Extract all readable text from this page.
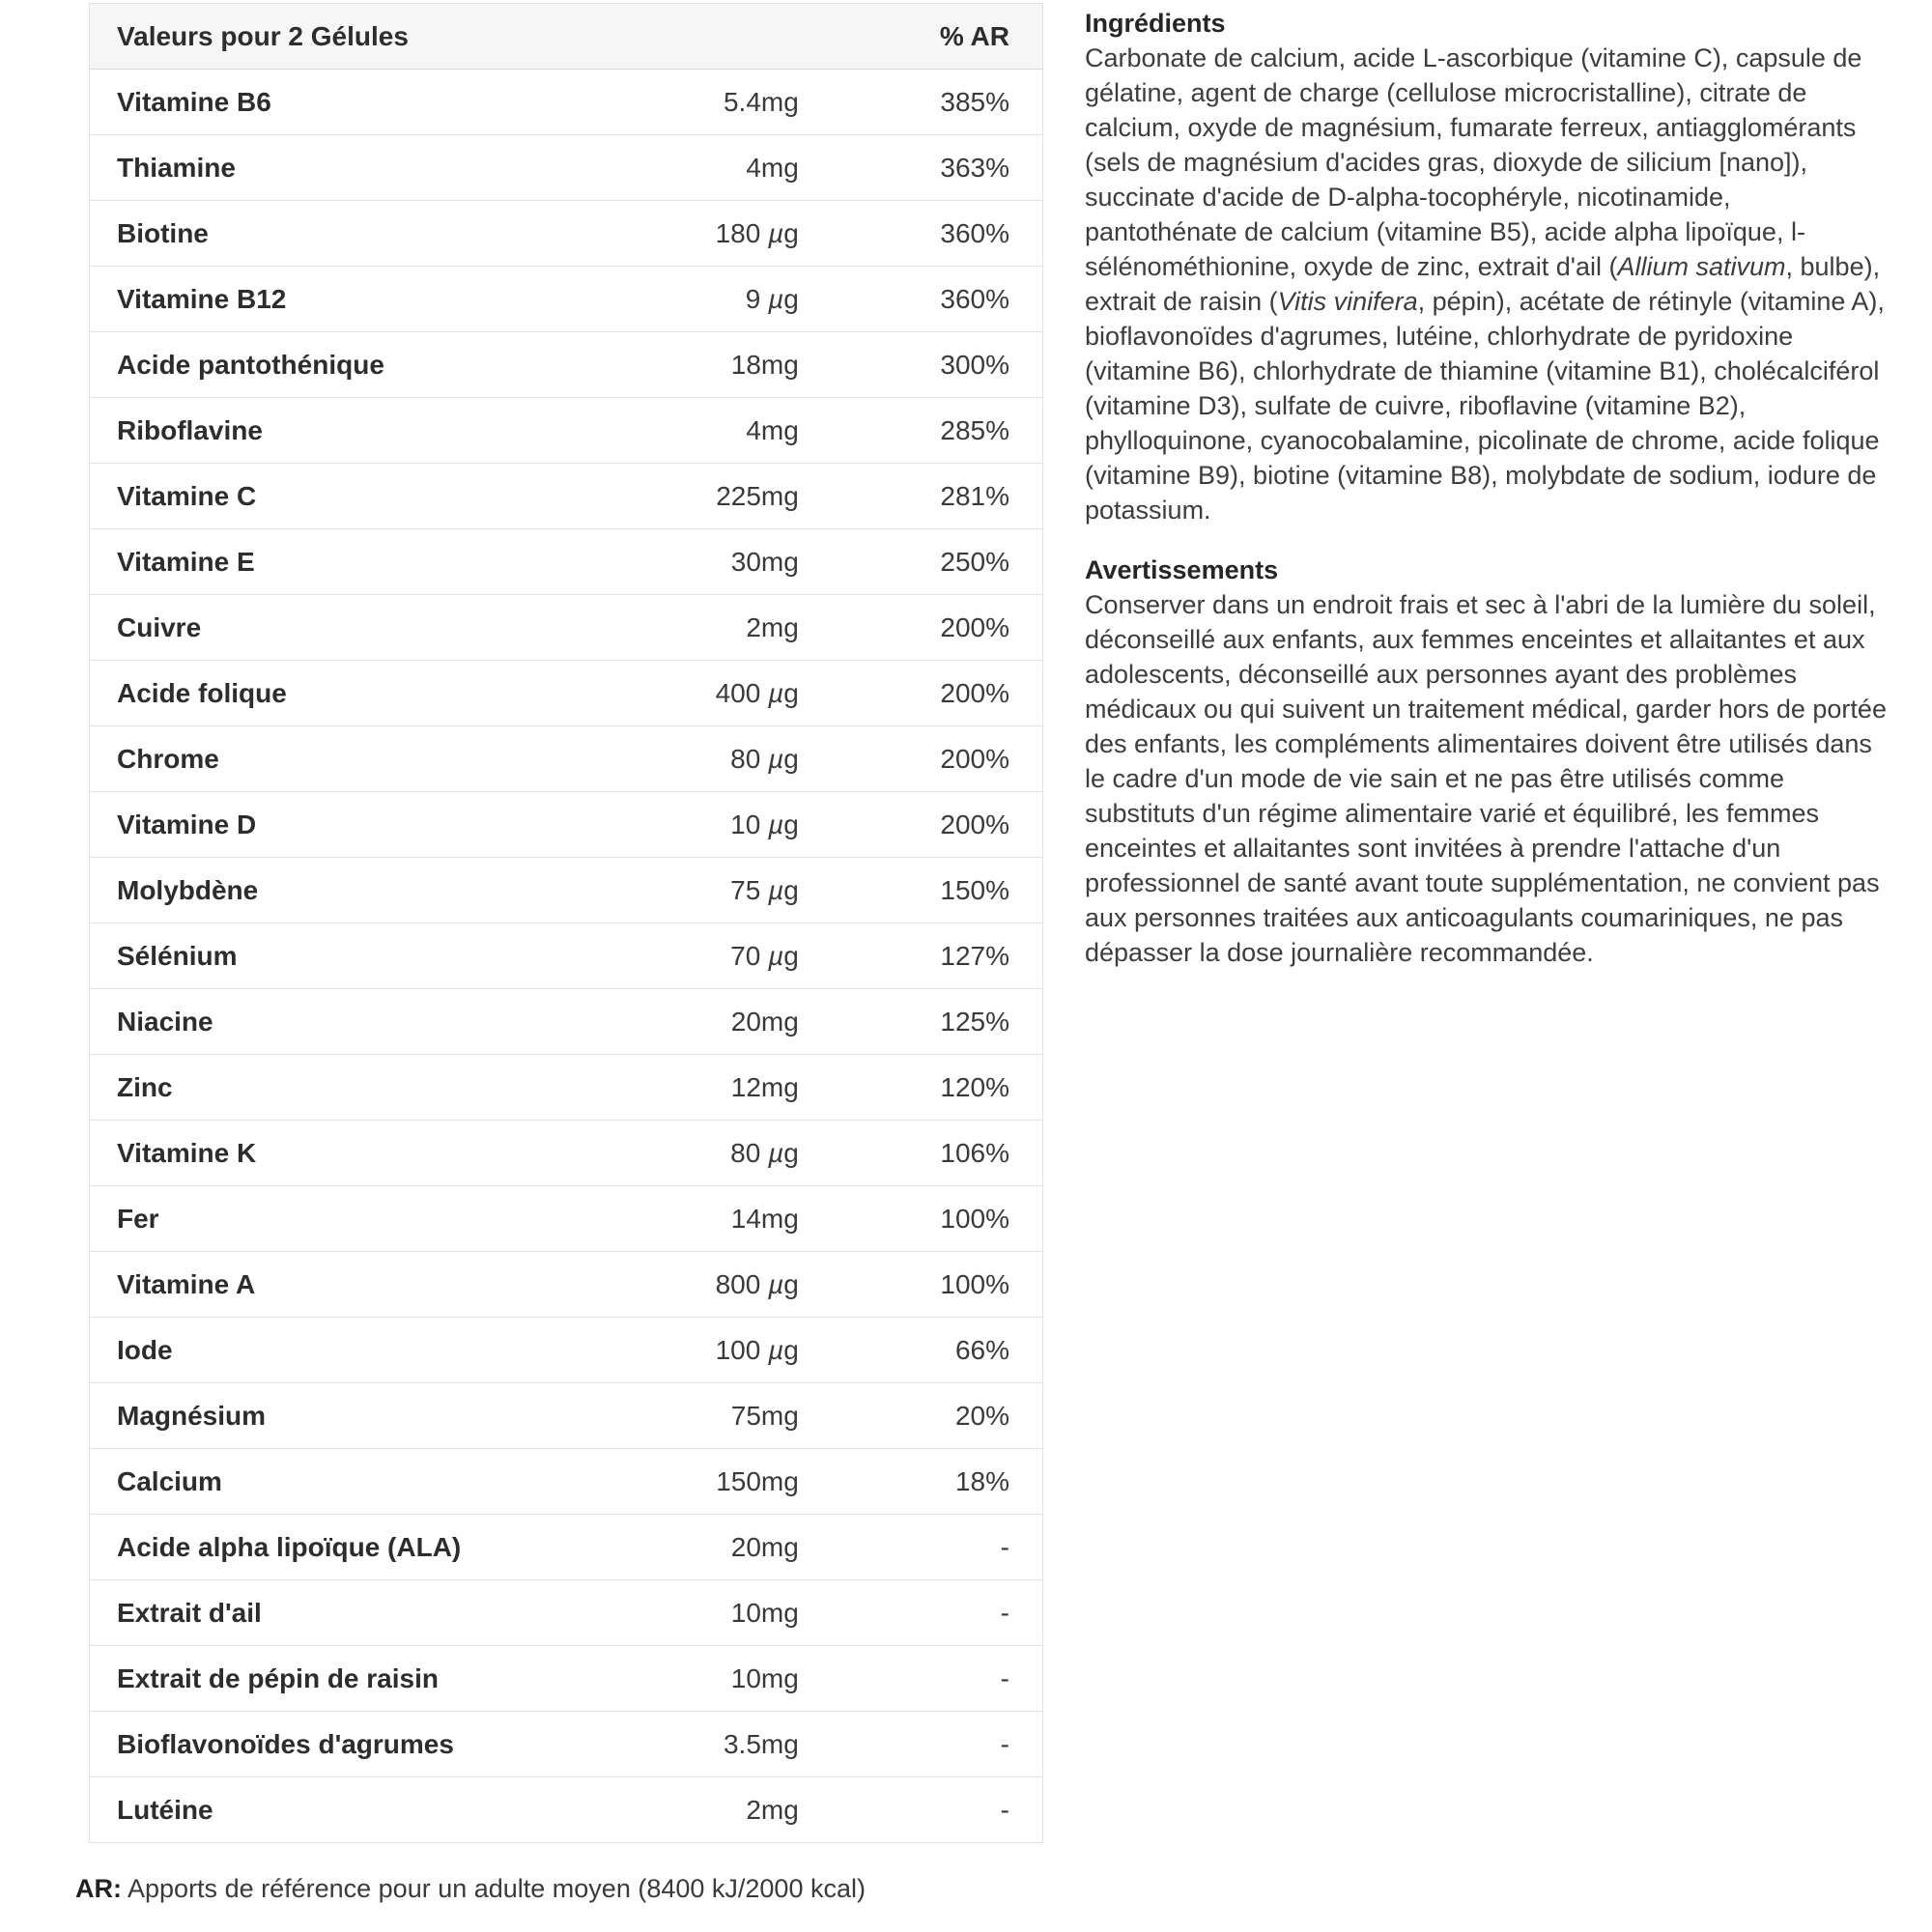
Valeurs pour 2 Gélules		% AR
Vitamine B6	5.4mg	385%
Thiamine	4mg	363%
Biotine	180 µg	360%
Vitamine B12	9 µg	360%
Acide pantothénique	18mg	300%
Riboflavine	4mg	285%
Vitamine C	225mg	281%
Vitamine E	30mg	250%
Cuivre	2mg	200%
Acide folique	400 µg	200%
Chrome	80 µg	200%
Vitamine D	10 µg	200%
Molybdène	75 µg	150%
Sélénium	70 µg	127%
Niacine	20mg	125%
Zinc	12mg	120%
Vitamine K	80 µg	106%
Fer	14mg	100%
Vitamine A	800 µg	100%
Iode	100 µg	66%
Magnésium	75mg	20%
Calcium	150mg	18%
Acide alpha lipoïque (ALA)	20mg	-
Extrait d'ail	10mg	-
Extrait de pépin de raisin	10mg	-
Bioflavonoïdes d'agrumes	3.5mg	-
Lutéine	2mg	-

AR: Apports de référence pour un adulte moyen (8400 kJ/2000 kcal)

Ingrédients

Carbonate de calcium, acide L-ascorbique (vitamine C), capsule de gélatine, agent de charge (cellulose microcristalline), citrate de calcium, oxyde de magnésium, fumarate ferreux, antiagglomérants (sels de magnésium d'acides gras, dioxyde de silicium [nano]), succinate d'acide de D-alpha-tocophéryle, nicotinamide, pantothénate de calcium (vitamine B5), acide alpha lipoïque, l-sélénométhionine, oxyde de zinc, extrait d'ail (Allium sativum, bulbe), extrait de raisin (Vitis vinifera, pépin), acétate de rétinyle (vitamine A), bioflavonoïdes d'agrumes, lutéine, chlorhydrate de pyridoxine (vitamine B6), chlorhydrate de thiamine (vitamine B1), cholécalciférol (vitamine D3), sulfate de cuivre, riboflavine (vitamine B2), phylloquinone, cyanocobalamine, picolinate de chrome, acide folique (vitamine B9), biotine (vitamine B8), molybdate de sodium, iodure de potassium.

Avertissements

Conserver dans un endroit frais et sec à l'abri de la lumière du soleil, déconseillé aux enfants, aux femmes enceintes et allaitantes et aux adolescents, déconseillé aux personnes ayant des problèmes médicaux ou qui suivent un traitement médical, garder hors de portée des enfants, les compléments alimentaires doivent être utilisés dans le cadre d'un mode de vie sain et ne pas être utilisés comme substituts d'un régime alimentaire varié et équilibré, les femmes enceintes et allaitantes sont invitées à prendre l'attache d'un professionnel de santé avant toute supplémentation, ne convient pas aux personnes traitées aux anticoagulants coumariniques, ne pas dépasser la dose journalière recommandée.
